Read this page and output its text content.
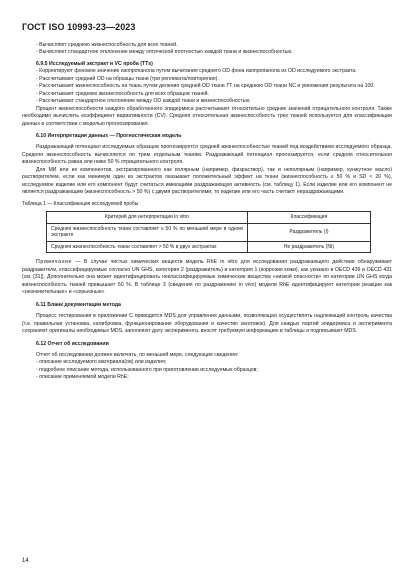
ГОСТ ISO 10993-23—2023

- Вычисляют среднюю жизнеспособность для всех тканей.

- Вычисляют стандартное отклонение между оптической плотностью каждой ткани и жизнеспособностью.

6.9.5 Исследуемый экстракт и VC проба (ТТs)

- Корректируют фоновое значение изопропанола путем вычитания среднего OD фона изопропанола из OD исследуемого экстракта.

- Рассчитывают средний OD на образцы ткани (три репликата/повторения).

- Рассчитывают жизнеспособность на ткань путем деления средней OD ткани ТТ на среднюю OD ткани NC и умножения результата на 100.

- Рассчитывают среднюю жизнеспособность для всех образцов тканей.

- Рассчитывают стандартное отклонение между OD каждой ткани и жизнеспособностью.

Процент жизнеспособности каждого обработанного эпидермиса рассчитывают относительно средних значений отрицательного контроля. Также необходимо вычислить коэффициент вариативности (CV). Средняя относительная жизнеспособность трех тканей используется для классификации данных в соответствии с моделью прогнозирования.

6.10 Интерпретация данных — Прогностическая модель

Раздражающий потенциал исследуемых образцов прогнозируется средней жизнеспособностью тканей под воздействием исследуемого образца. Средняя жизнеспособность вычисляется по трем отдельным тканям. Раздражающий потенциал прогнозируется, если средняя относительная жизнеспособность равна или ниже 50 % отрицательного контроля.

Для МИ или их компонентов, экстрагированного как полярным (например, физраствор), так и неполярным (например, кунжутное масло) растворителем, если как минимум один из экстрактов оказывает положительный эффект на ткани (жизнеспособность ≤ 50 % и SD < 20 %), исследуемое изделие или его компонент будут считаться имеющими раздражающую активность (см. таблицу 1). Если изделие или его компонент не является раздражающим (жизнеспособность > 50 %) с двумя растворителями, то изделие или его часть считают нераздражающими.

Таблица 1 — Классификация исследуемой пробы

Критерий для интерпретации in vitro	Классификация
Средняя жизнеспособность ткани составляет ≤ 50 % по меньшей мере в одном экстракте	Раздражитель (I)
Средняя жизнеспособность ткани составляет > 50 % в двух экстрактах	Не раздражитель (NI)

Примечание — В случае чистых химических веществ модель RhE in vitro для исследования раздражающего действия обнаруживает раздражители, классифицируемые согласно UN GHS, категория 2 (раздражитель) и категория 1 (коррозия кожи), как указано в OECD 439 и OECD 431 (см. [31]). Дополнительно она может идентифицировать неклассифицируемые химические вещества «низкой опасности» по категории UN GHS когда жизнеспособность тканей превышает 50 %. В таблице 3 (сведения по раздражению in vivo) модели RhE идентифицируют категории реакции как «незначительные» и «серьезные»

6.11 Бланк документации метода

Процесс тестирования в приложении C приводится MDS для управления данными, позволяющая осуществлять надлежащий контроль качества (т.е. правильная установка, калибровка, функционирование оборудования и качество заготовок). Для каждых партий эпидермиса и эксперимента сохраняют оригиналы необходимых MDS, заполняют дату эксперимента, вносят требуемую информацию в таблицы и подписывают MDS.

6.12 Отчет об исследовании

Отчет об исследовании должен включать, по меньшей мере, следующие сведения:

- описание исследуемого материала(ов) или изделия;

- подробное описание метода, использованного при приготовлении исследуемых образцов;

- описание применяемой модели RhE;

14
